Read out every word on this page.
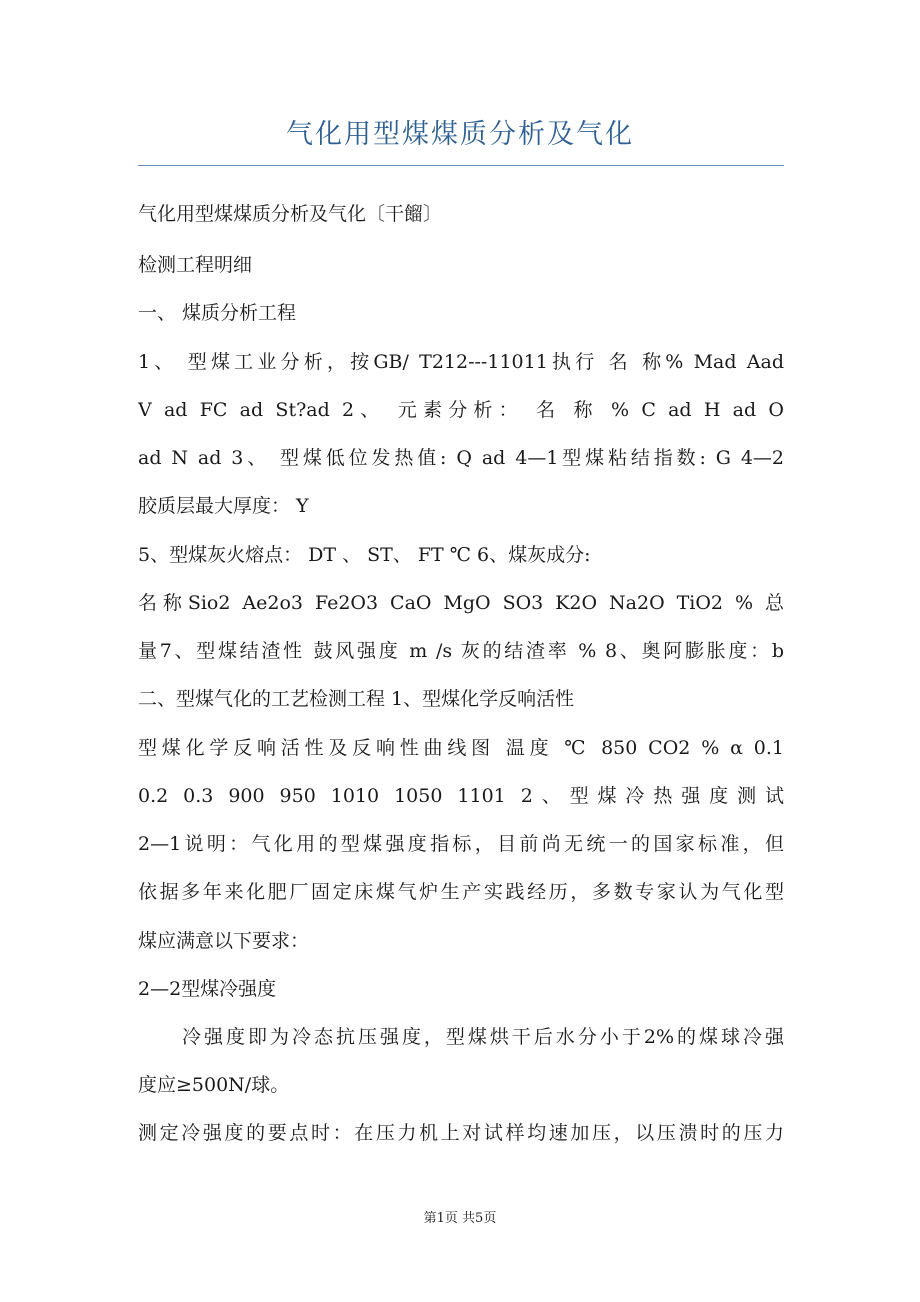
气化用型煤煤质分析及气化
气化用型煤煤质分析及气化〔干餾〕
检测工程明细
一、 煤质分析工程
1、 型煤工业分析，按GB/ T212---11011执行 名 称% Mad Aad
V ad FC ad St?ad 2、 元素分析： 名 称 % C ad H ad O
ad N ad 3、 型煤低位发热值: Q ad 4—1型煤粘结指数: G 4—2
胶质层最大厚度： Y
5、型煤灰火熔点： DT 、 ST、 FT ℃ 6、煤灰成分:
名称Sio2 Ae2o3 Fe2O3 CaO MgO SO3 K2O Na2O TiO2 % 总
量7、型煤结渣性 鼓风强度 m /s 灰的结渣率 % 8、奥阿膨胀度：b
二、型煤气化的工艺检测工程 1、型煤化学反响活性
型煤化学反响活性及反响性曲线图 温度 ℃ 850 CO2 % α 0.1
0.2 0.3 900 950 1010 1050 1101 2、型煤冷热强度测试
2—1说明：气化用的型煤强度指标，目前尚无统一的国家标准，但
依据多年来化肥厂固定床煤气炉生产实践经历，多数专家认为气化型
煤应满意以下要求：
2—2型煤冷强度
冷强度即为冷态抗压强度，型煤烘干后水分小于2%的煤球冷强
度应≥500N/球。
测定冷强度的要点时：在压力机上对试样均速加压，以压溃时的压力
第1页 共5页
